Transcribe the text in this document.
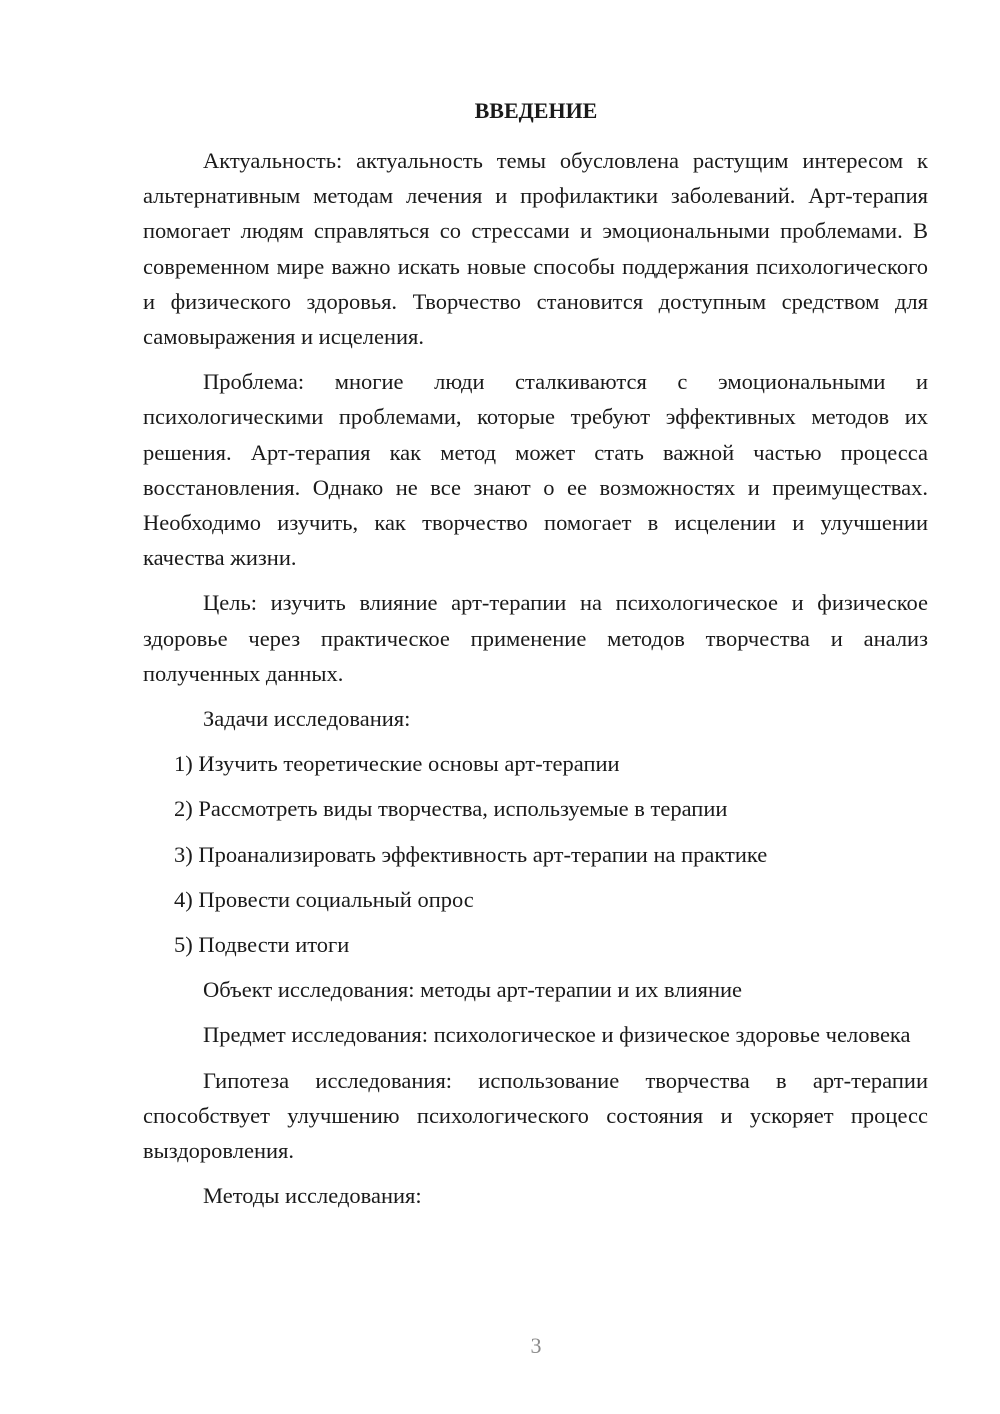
ВВЕДЕНИЕ

Актуальность: актуальность темы обусловлена растущим интересом к альтернативным методам лечения и профилактики заболеваний. Арт-терапия помогает людям справляться со стрессами и эмоциональными проблемами. В современном мире важно искать новые способы поддержания психологического и физического здоровья. Творчество становится доступным средством для самовыражения и исцеления.

Проблема: многие люди сталкиваются с эмоциональными и психологическими проблемами, которые требуют эффективных методов их решения. Арт-терапия как метод может стать важной частью процесса восстановления. Однако не все знают о ее возможностях и преимуществах. Необходимо изучить, как творчество помогает в исцелении и улучшении качества жизни.

Цель: изучить влияние арт-терапии на психологическое и физическое здоровье через практическое применение методов творчества и анализ полученных данных.

Задачи исследования:

1) Изучить теоретические основы арт-терапии

2) Рассмотреть виды творчества, используемые в терапии

3) Проанализировать эффективность арт-терапии на практике

4) Провести социальный опрос

5) Подвести итоги

Объект исследования: методы арт-терапии и их влияние

Предмет исследования: психологическое и физическое здоровье человека

Гипотеза исследования: использование творчества в арт-терапии способствует улучшению психологического состояния и ускоряет процесс выздоровления.

Методы исследования:

3
